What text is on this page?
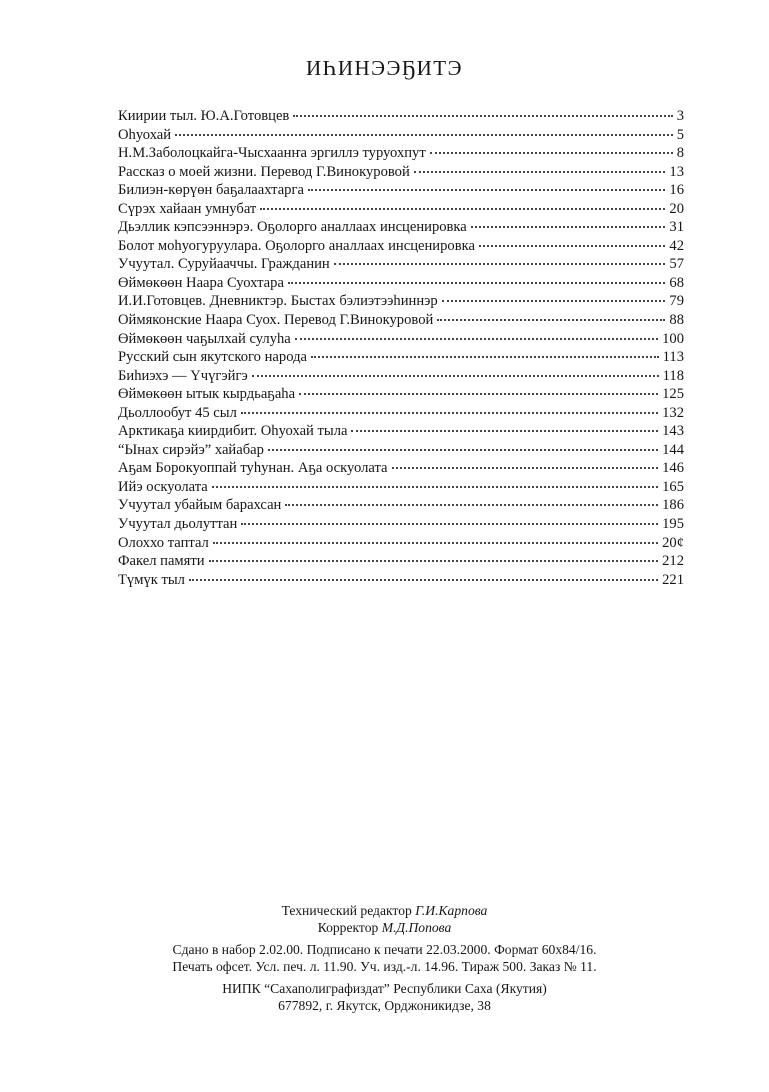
ИҺИНЭЭҔИТЭ
Киирии тыл. Ю.А.Готовцев	3
Оһуохай	5
Н.М.Заболоцкайга-Чысхаанҥа эргиллэ туруохпут	8
Рассказ о моей жизни. Перевод Г.Винокуровой	13
Билиэн-көрүөн баҕалаахтарга	16
Сүрэх хайаан умнубат	20
Дьэллик кэпсээннэрэ. Оҕолорго аналлаах инсценировка	31
Болот моһуогуруулара. Оҕолорго аналлаах инсценировка	42
Учуутал. Суруйааччы. Гражданин	57
Өймөкөөн Наара Суохтара	68
И.И.Готовцев. Дневниктэр. Быстах бэлиэтээһиннэр	79
Оймяконские Наара Суох. Перевод Г.Винокуровой	88
Өймөкөөн чаҕылхай сулуһа	100
Русский сын якутского народа	113
Биһиэхэ — Үчүгэйгэ	118
Өймөкөөн ытык кырдьаҕаһа	125
Дьоллообут 45 сыл	132
Арктикаҕа киирдибит. Оһуохай тыла	143
“Ынах сирэйэ” хайабар	144
Аҕам Борокуоппай туһунан. Аҕа оскуолата	146
Ийэ оскуолата	165
Учуутал убайым барахсан	186
Учуутал дьолуттан	195
Олоххо таптал	20¢
Факел памяти	212
Түмүк тыл	221
Технический редактор Г.И.Карпова
Корректор М.Д.Попова
Сдано в набор 2.02.00. Подписано к печати 22.03.2000. Формат 60x84/16.
Печать офсет. Усл. печ. л. 11.90. Уч. изд.-л. 14.96. Тираж 500. Заказ № 11.
НИПК “Сахаполиграфиздат” Республики Саха (Якутия)
677892, г. Якутск, Орджоникидзе, 38
